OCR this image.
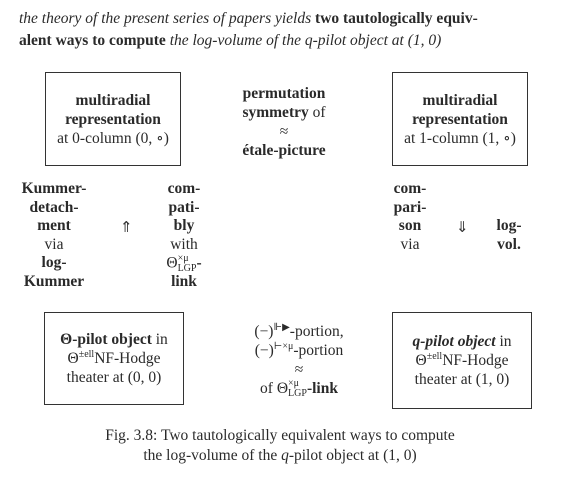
the theory of the present series of papers yields two tautologically equiv-
alent ways to compute the log-volume of the q-pilot object at (1, 0)
multiradial
representation
at 0-column (0, ∘)
permutation
symmetry of
≈
étale-picture
multiradial
representation
at 1-column (1, ∘)
Kummer-
detach-
ment
via
log-
Kummer
⇑
com-
pati-
bly
with
Θ ×μ
LGP -
link
com-
pari-
son
via
⇓	log-
vol.
Θ-pilot object in
$\Theta^{\pm ell}NF$-Hodge
theater at (0, 0)
(−)⊩▶-portion,
$(-)^{⊢\times\mu}$-portion
≈
of Θ ×μ
LGP -link
q-pilot object in
$\Theta^{\pm ell}NF$-Hodge
theater at (1, 0)
Fig. 3.8: Two tautologically equivalent ways to compute
the log-volume of the q-pilot object at (1, 0)
